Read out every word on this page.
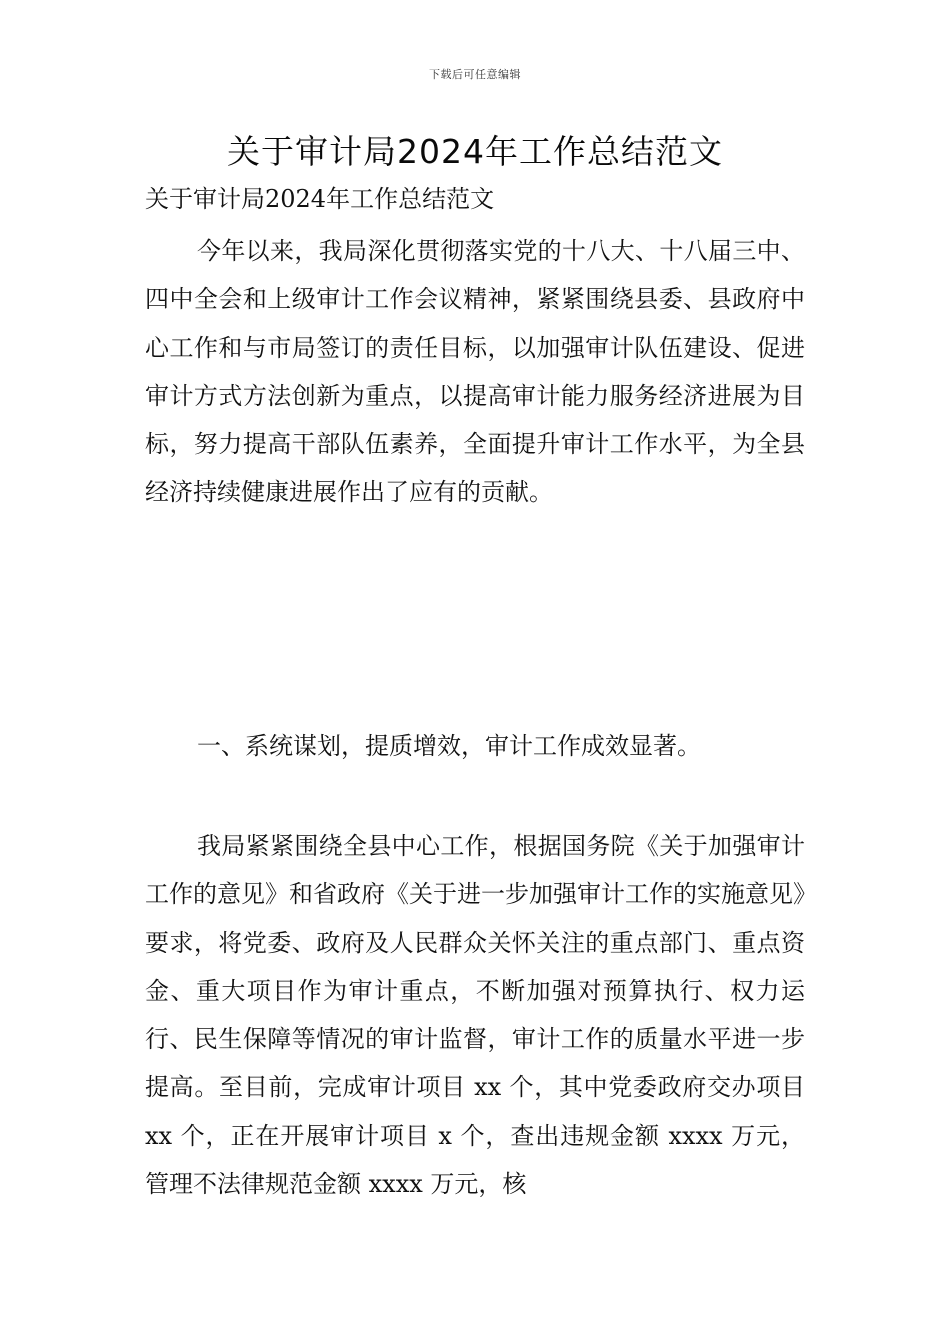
下载后可任意编辑
关于审计局2024年工作总结范文

关于审计局2024年工作总结范文

今年以来，我局深化贯彻落实党的十八大、十八届三中、四中全会和上级审计工作会议精神，紧紧围绕县委、县政府中心工作和与市局签订的责任目标，以加强审计队伍建设、促进审计方式方法创新为重点，以提高审计能力服务经济进展为目标，努力提高干部队伍素养，全面提升审计工作水平，为全县经济持续健康进展作出了应有的贡献。

一、系统谋划，提质增效，审计工作成效显著。

我局紧紧围绕全县中心工作，根据国务院《关于加强审计工作的意见》和省政府《关于进一步加强审计工作的实施意见》要求，将党委、政府及人民群众关怀关注的重点部门、重点资金、重大项目作为审计重点，不断加强对预算执行、权力运行、民生保障等情况的审计监督，审计工作的质量水平进一步提高。至目前，完成审计项目 xx 个，其中党委政府交办项目 xx 个，正在开展审计项目 x 个，查出违规金额 xxxx 万元，管理不法律规范金额 xxxx 万元，核
